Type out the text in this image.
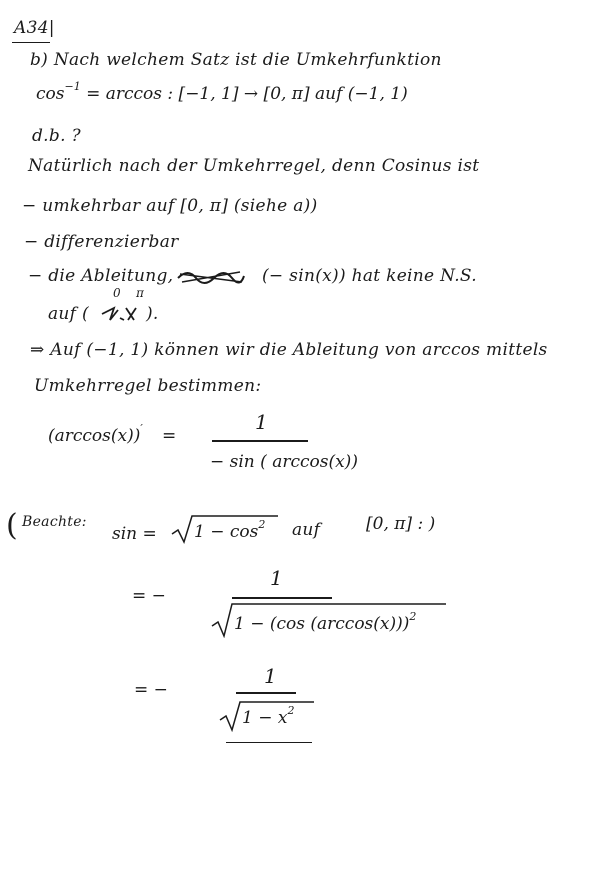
A34|
b) Nach welchem Satz ist die Umkehrfunktion
$\cos^{-1} = \arccos$ : [−1, 1] → [0, π] auf (−1, 1)
d.b. ?
Natürlich nach der Umkehrregel, denn Cosinus ist
− umkehrbar auf [0, π] (siehe a))
− differenzierbar
− die Ableitung,	(− sin(x)) hat keine N.S.
0 π
auf (	).
⇒ Auf (−1, 1) können wir die Ableitung von arccos mittels
Umkehrregel bestimmen:
(arccos(x))′ =
1
− sin ( arccos(x))
( Beachte:
$\sin = 1 - \cos^2$ auf	[0, π] : )
= −
1
1 − (cos (arccos(x)))$^2$
= −
1
$1 - x^2$
